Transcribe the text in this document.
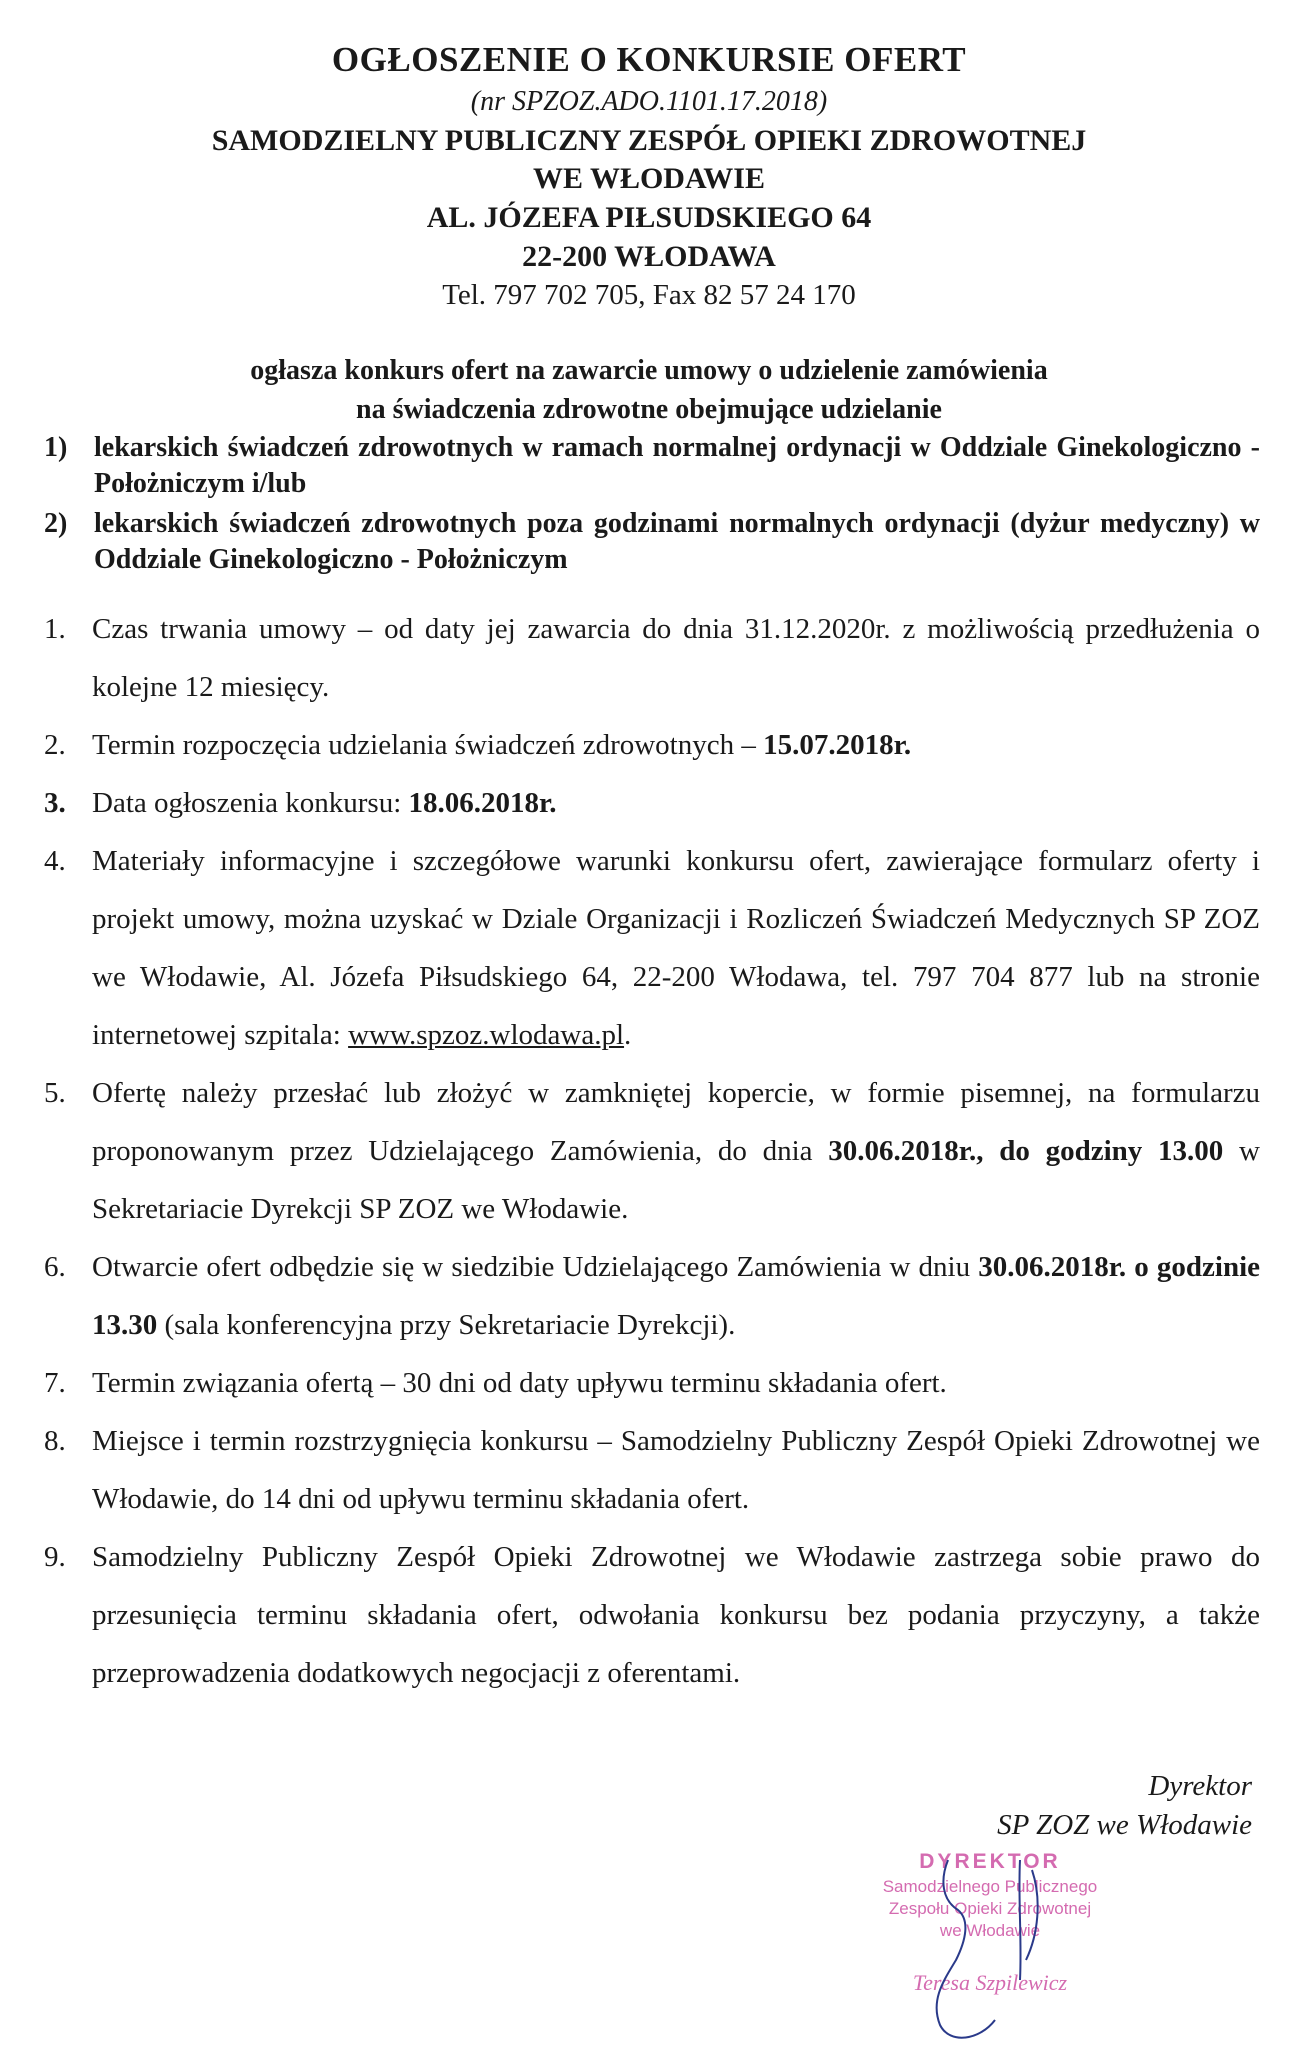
OGŁOSZENIE O KONKURSIE OFERT
(nr SPZOZ.ADO.1101.17.2018)
SAMODZIELNY PUBLICZNY ZESPÓŁ OPIEKI ZDROWOTNEJ
WE WŁODAWIE
AL. JÓZEFA PIŁSUDSKIEGO 64
22-200 WŁODAWA
Tel. 797 702 705, Fax 82 57 24 170
ogłasza konkurs ofert na zawarcie umowy o udzielenie zamówienia
na świadczenia zdrowotne obejmujące udzielanie
1) lekarskich świadczeń zdrowotnych w ramach normalnej ordynacji w Oddziale Ginekologiczno - Położniczym i/lub
2) lekarskich świadczeń zdrowotnych poza godzinami normalnych ordynacji (dyżur medyczny) w Oddziale Ginekologiczno - Położniczym
1. Czas trwania umowy – od daty jej zawarcia do dnia 31.12.2020r. z możliwością przedłużenia o kolejne 12 miesięcy.
2. Termin rozpoczęcia udzielania świadczeń zdrowotnych – 15.07.2018r.
3. Data ogłoszenia konkursu: 18.06.2018r.
4. Materiały informacyjne i szczegółowe warunki konkursu ofert, zawierające formularz oferty i projekt umowy, można uzyskać w Dziale Organizacji i Rozliczeń Świadczeń Medycznych SP ZOZ we Włodawie, Al. Józefa Piłsudskiego 64, 22-200 Włodawa, tel. 797 704 877 lub na stronie internetowej szpitala: www.spzoz.wlodawa.pl.
5. Ofertę należy przesłać lub złożyć w zamkniętej kopercie, w formie pisemnej, na formularzu proponowanym przez Udzielającego Zamówienia, do dnia 30.06.2018r., do godziny 13.00 w Sekretariacie Dyrekcji SP ZOZ we Włodawie.
6. Otwarcie ofert odbędzie się w siedzibie Udzielającego Zamówienia w dniu 30.06.2018r. o godzinie 13.30 (sala konferencyjna przy Sekretariacie Dyrekcji).
7. Termin związania ofertą – 30 dni od daty upływu terminu składania ofert.
8. Miejsce i termin rozstrzygnięcia konkursu – Samodzielny Publiczny Zespół Opieki Zdrowotnej we Włodawie, do 14 dni od upływu terminu składania ofert.
9. Samodzielny Publiczny Zespół Opieki Zdrowotnej we Włodawie zastrzega sobie prawo do przesunięcia terminu składania ofert, odwołania konkursu bez podania przyczyny, a także przeprowadzenia dodatkowych negocjacji z oferentami.
Dyrektor
SP ZOZ we Włodawie
DYREKTOR
Samodzielnego Publicznego
Zespołu Opieki Zdrowotnej
we Włodawie
Teresa Szpilewicz
